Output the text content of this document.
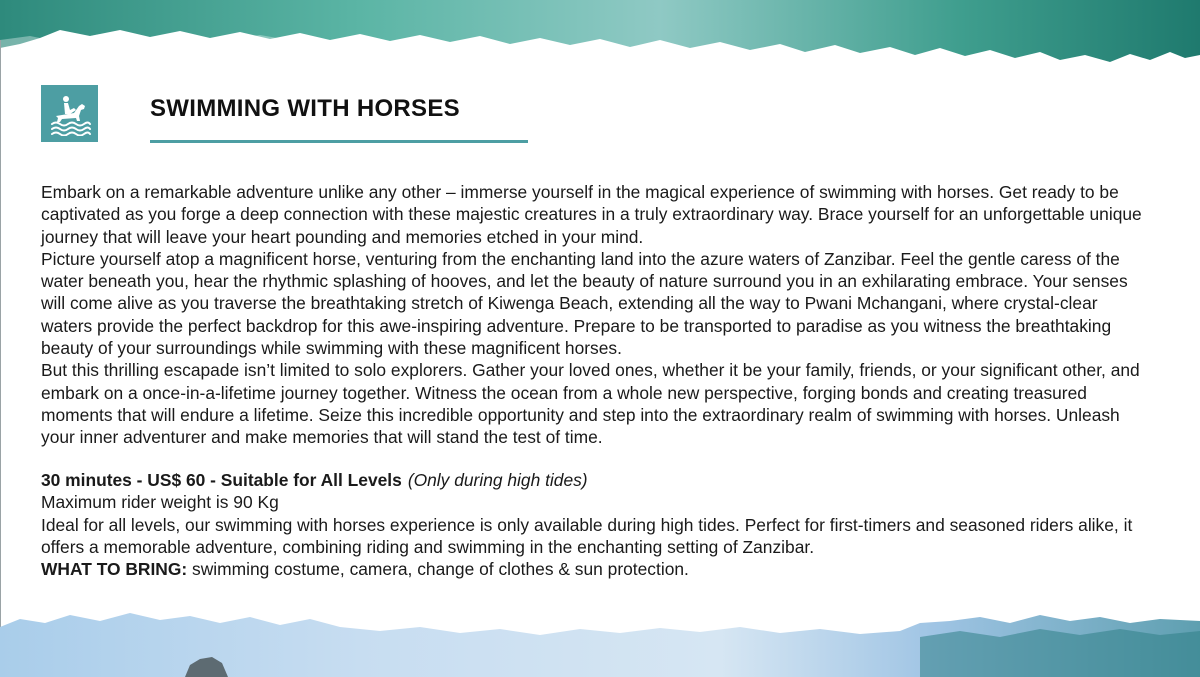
SWIMMING WITH HORSES

Embark on a remarkable adventure unlike any other – immerse yourself in the magical experience of swimming with horses. Get ready to be captivated as you forge a deep connection with these majestic creatures in a truly extraordinary way. Brace yourself for an unforgettable unique journey that will leave your heart pounding and memories etched in your mind.

Picture yourself atop a magnificent horse, venturing from the enchanting land into the azure waters of Zanzibar. Feel the gentle caress of the water beneath you, hear the rhythmic splashing of hooves, and let the beauty of nature surround you in an exhilarating embrace. Your senses will come alive as you traverse the breathtaking stretch of Kiwenga Beach, extending all the way to Pwani Mchangani, where crystal-clear waters provide the perfect backdrop for this awe-inspiring adventure. Prepare to be transported to paradise as you witness the breathtaking beauty of your surroundings while swimming with these magnificent horses.

But this thrilling escapade isn’t limited to solo explorers. Gather your loved ones, whether it be your family, friends, or your significant other, and embark on a once-in-a-lifetime journey together. Witness the ocean from a whole new perspective, forging bonds and creating treasured moments that will endure a lifetime. Seize this incredible opportunity and step into the extraordinary realm of swimming with horses. Unleash your inner adventurer and make memories that will stand the test of time.

30 minutes - US$ 60 - Suitable for All Levels (Only during high tides)

Maximum rider weight is 90 Kg

Ideal for all levels, our swimming with horses experience is only available during high tides. Perfect for first-timers and seasoned riders alike, it offers a memorable adventure, combining riding and swimming in the enchanting setting of Zanzibar.

WHAT TO BRING: swimming costume, camera, change of clothes & sun protection.
